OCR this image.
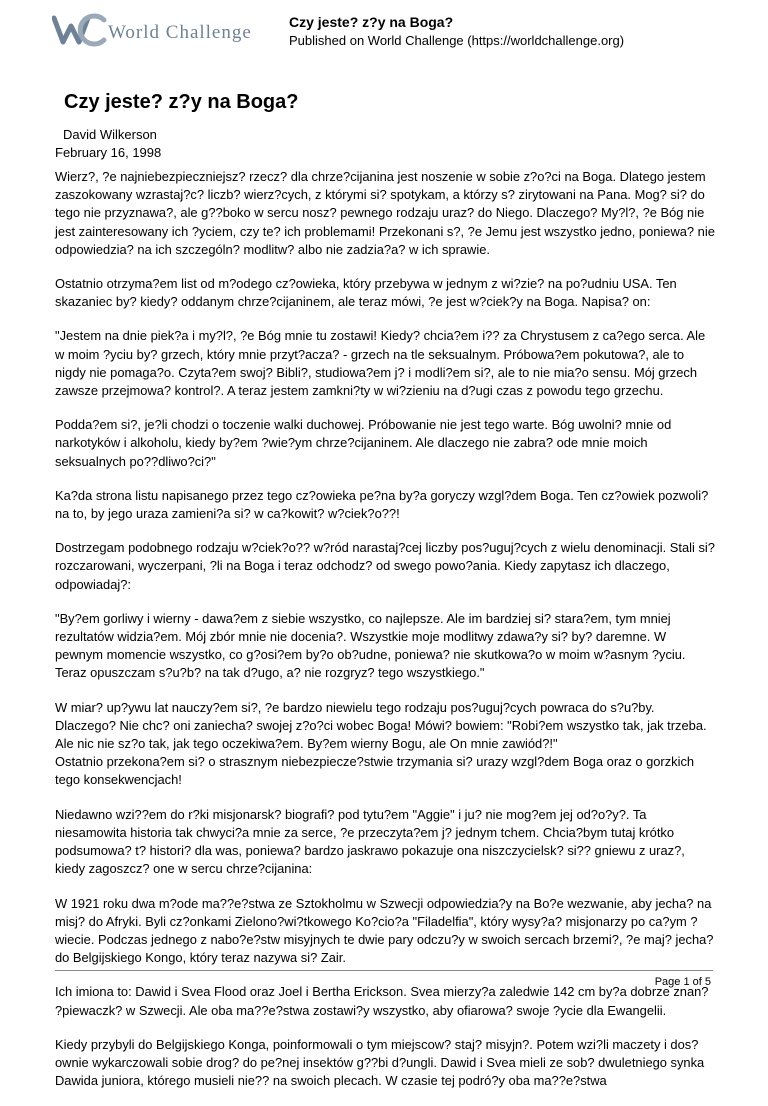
World Challenge	Czy jeste? z?y na Boga?
Published on World Challenge (https://worldchallenge.org)
Czy jeste? z?y na Boga?
David Wilkerson
February 16, 1998

Wierz?, ?e najniebezpieczniejsz? rzecz? dla chrze?cijanina jest noszenie w sobie z?o?ci na Boga. Dlatego jestem zaszokowany wzrastaj?c? liczb? wierz?cych, z którymi si? spotykam, a którzy s? zirytowani na Pana. Mog? si? do tego nie przyznawa?, ale g??boko w sercu nosz? pewnego rodzaju uraz? do Niego. Dlaczego? My?l?, ?e Bóg nie jest zainteresowany ich ?yciem, czy te? ich problemami! Przekonani s?, ?e Jemu jest wszystko jedno, poniewa? nie odpowiedzia? na ich szczególn? modlitw? albo nie zadzia?a? w ich sprawie.

Ostatnio otrzyma?em list od m?odego cz?owieka, który przebywa w jednym z wi?zie? na po?udniu USA. Ten skazaniec by? kiedy? oddanym chrze?cijaninem, ale teraz mówi, ?e jest w?ciek?y na Boga. Napisa? on:

"Jestem na dnie piek?a i my?l?, ?e Bóg mnie tu zostawi! Kiedy? chcia?em i?? za Chrystusem z ca?ego serca. Ale w moim ?yciu by? grzech, który mnie przyt?acza? - grzech na tle seksualnym. Próbowa?em pokutowa?, ale to nigdy nie pomaga?o. Czyta?em swoj? Bibli?, studiowa?em j? i modli?em si?, ale to nie mia?o sensu. Mój grzech zawsze przejmowa? kontrol?. A teraz jestem zamkni?ty w wi?zieniu na d?ugi czas z powodu tego grzechu.

Podda?em si?, je?li chodzi o toczenie walki duchowej. Próbowanie nie jest tego warte. Bóg uwolni? mnie od narkotyków i alkoholu, kiedy by?em ?wie?ym chrze?cijaninem. Ale dlaczego nie zabra? ode mnie moich seksualnych po??dliwo?ci?"

Ka?da strona listu napisanego przez tego cz?owieka pe?na by?a goryczy wzgl?dem Boga. Ten cz?owiek pozwoli? na to, by jego uraza zamieni?a si? w ca?kowit? w?ciek?o??!

Dostrzegam podobnego rodzaju w?ciek?o?? w?ród narastaj?cej liczby pos?uguj?cych z wielu denominacji. Stali si? rozczarowani, wyczerpani, ?li na Boga i teraz odchodz? od swego powo?ania. Kiedy zapytasz ich dlaczego, odpowiadaj?:

"By?em gorliwy i wierny - dawa?em z siebie wszystko, co najlepsze. Ale im bardziej si? stara?em, tym mniej rezultatów widzia?em. Mój zbór mnie nie docenia?. Wszystkie moje modlitwy zdawa?y si? by? daremne. W pewnym momencie wszystko, co g?osi?em by?o ob?udne, poniewa? nie skutkowa?o w moim w?asnym ?yciu. Teraz opuszczam s?u?b? na tak d?ugo, a? nie rozgryz? tego wszystkiego."

W miar? up?ywu lat nauczy?em si?, ?e bardzo niewielu tego rodzaju pos?uguj?cych powraca do s?u?by. Dlaczego? Nie chc? oni zaniecha? swojej z?o?ci wobec Boga! Mówi? bowiem: "Robi?em wszystko tak, jak trzeba. Ale nic nie sz?o tak, jak tego oczekiwa?em. By?em wierny Bogu, ale On mnie zawiód?!"
Ostatnio przekona?em si? o strasznym niebezpiecze?stwie trzymania si? urazy wzgl?dem Boga oraz o gorzkich tego konsekwencjach!

Niedawno wzi??em do r?ki misjonarsk? biografi? pod tytu?em "Aggie" i ju? nie mog?em jej od?o?y?. Ta niesamowita historia tak chwyci?a mnie za serce, ?e przeczyta?em j? jednym tchem. Chcia?bym tutaj krótko podsumowa? t? histori? dla was, poniewa? bardzo jaskrawo pokazuje ona niszczycielsk? si?? gniewu z uraz?, kiedy zagoszcz? one w sercu chrze?cijanina:

W 1921 roku dwa m?ode ma??e?stwa ze Sztokholmu w Szwecji odpowiedzia?y na Bo?e wezwanie, aby jecha? na misj? do Afryki. Byli cz?onkami Zielono?wi?tkowego Ko?cio?a "Filadelfia", który wysy?a? misjonarzy po ca?ym ?wiecie. Podczas jednego z nabo?e?stw misyjnych te dwie pary odczu?y w swoich sercach brzemi?, ?e maj? jecha? do Belgijskiego Kongo, który teraz nazywa si? Zair.

Ich imiona to: Dawid i Svea Flood oraz Joel i Bertha Erickson. Svea mierzy?a zaledwie 142 cm by?a dobrze znan? ?piewaczk? w Szwecji. Ale oba ma??e?stwa zostawi?y wszystko, aby ofiarowa? swoje ?ycie dla Ewangelii.

Kiedy przybyli do Belgijskiego Konga, poinformowali o tym miejscow? staj? misyjn?. Potem wzi?li maczety i dos?ownie wykarczowali sobie drog? do pe?nej insektów g??bi d?ungli. Dawid i Svea mieli ze sob? dwuletniego synka Dawida juniora, którego musieli nie?? na swoich plecach. W czasie tej podró?y oba ma??e?stwa

Page 1 of 5
